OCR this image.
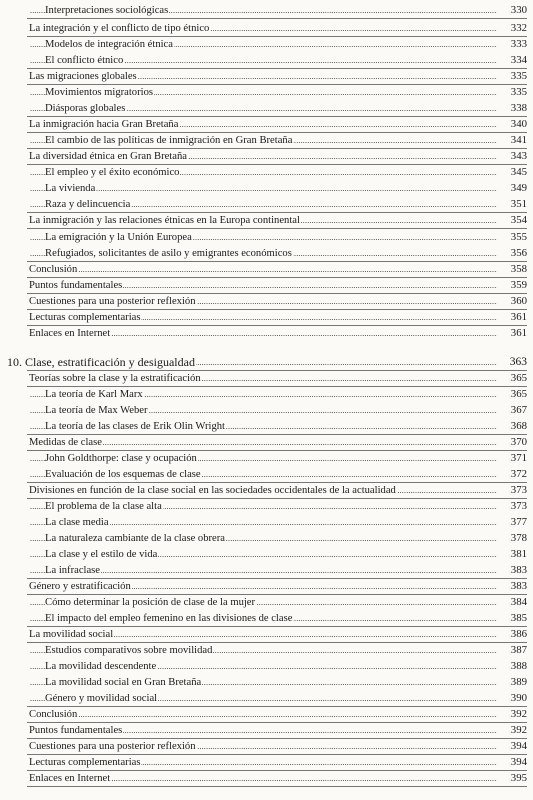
.....
Interpretaciones sociológicas	330
.....
La integración y el conflicto de tipo étnico	332
.....
Modelos de integración étnica	333
.....
El conflicto étnico	334
.....
Las migraciones globales	335
.....
Movimientos migratorios	335
.....
Diásporas globales	338
.....
La inmigración hacia Gran Bretaña	340
.....
El cambio de las políticas de inmigración en Gran Bretaña	341
.....
La diversidad étnica en Gran Bretaña	343
.....
El empleo y el éxito económico	345
.....
La vivienda	349
.....
Raza y delincuencia	351
.....
La inmigración y las relaciones étnicas en la Europa continental	354
.....
La emigración y la Unión Europea	355
.....
Refugiados, solicitantes de asilo y emigrantes económicos	356
.....
Conclusión	358
.....
Puntos fundamentales	359
.....
Cuestiones para una posterior reflexión	360
.....
Lecturas complementarias	361
.....
Enlaces en Internet	361
.....
10. Clase, estratificación y desigualdad	363
.....
Teorías sobre la clase y la estratificación	365
.....
La teoría de Karl Marx	365
.....
La teoría de Max Weber	367
.....
La teoría de las clases de Erik Olin Wright	368
.....
Medidas de clase	370
.....
John Goldthorpe: clase y ocupación	371
.....
Evaluación de los esquemas de clase	372
.....
Divisiones en función de la clase social en las sociedades occidentales de la actualidad	373
.....
El problema de la clase alta	373
.....
La clase media	377
.....
La naturaleza cambiante de la clase obrera	378
.....
La clase y el estilo de vida	381
.....
La infraclase	383
.....
Género y estratificación	383
.....
Cómo determinar la posición de clase de la mujer	384
.....
El impacto del empleo femenino en las divisiones de clase	385
.....
La movilidad social	386
.....
Estudios comparativos sobre movilidad	387
.....
La movilidad descendente	388
.....
La movilidad social en Gran Bretaña	389
.....
Género y movilidad social	390
.....
Conclusión	392
.....
Puntos fundamentales	392
.....
Cuestiones para una posterior reflexión	394
.....
Lecturas complementarias	394
.....
Enlaces en Internet	395
